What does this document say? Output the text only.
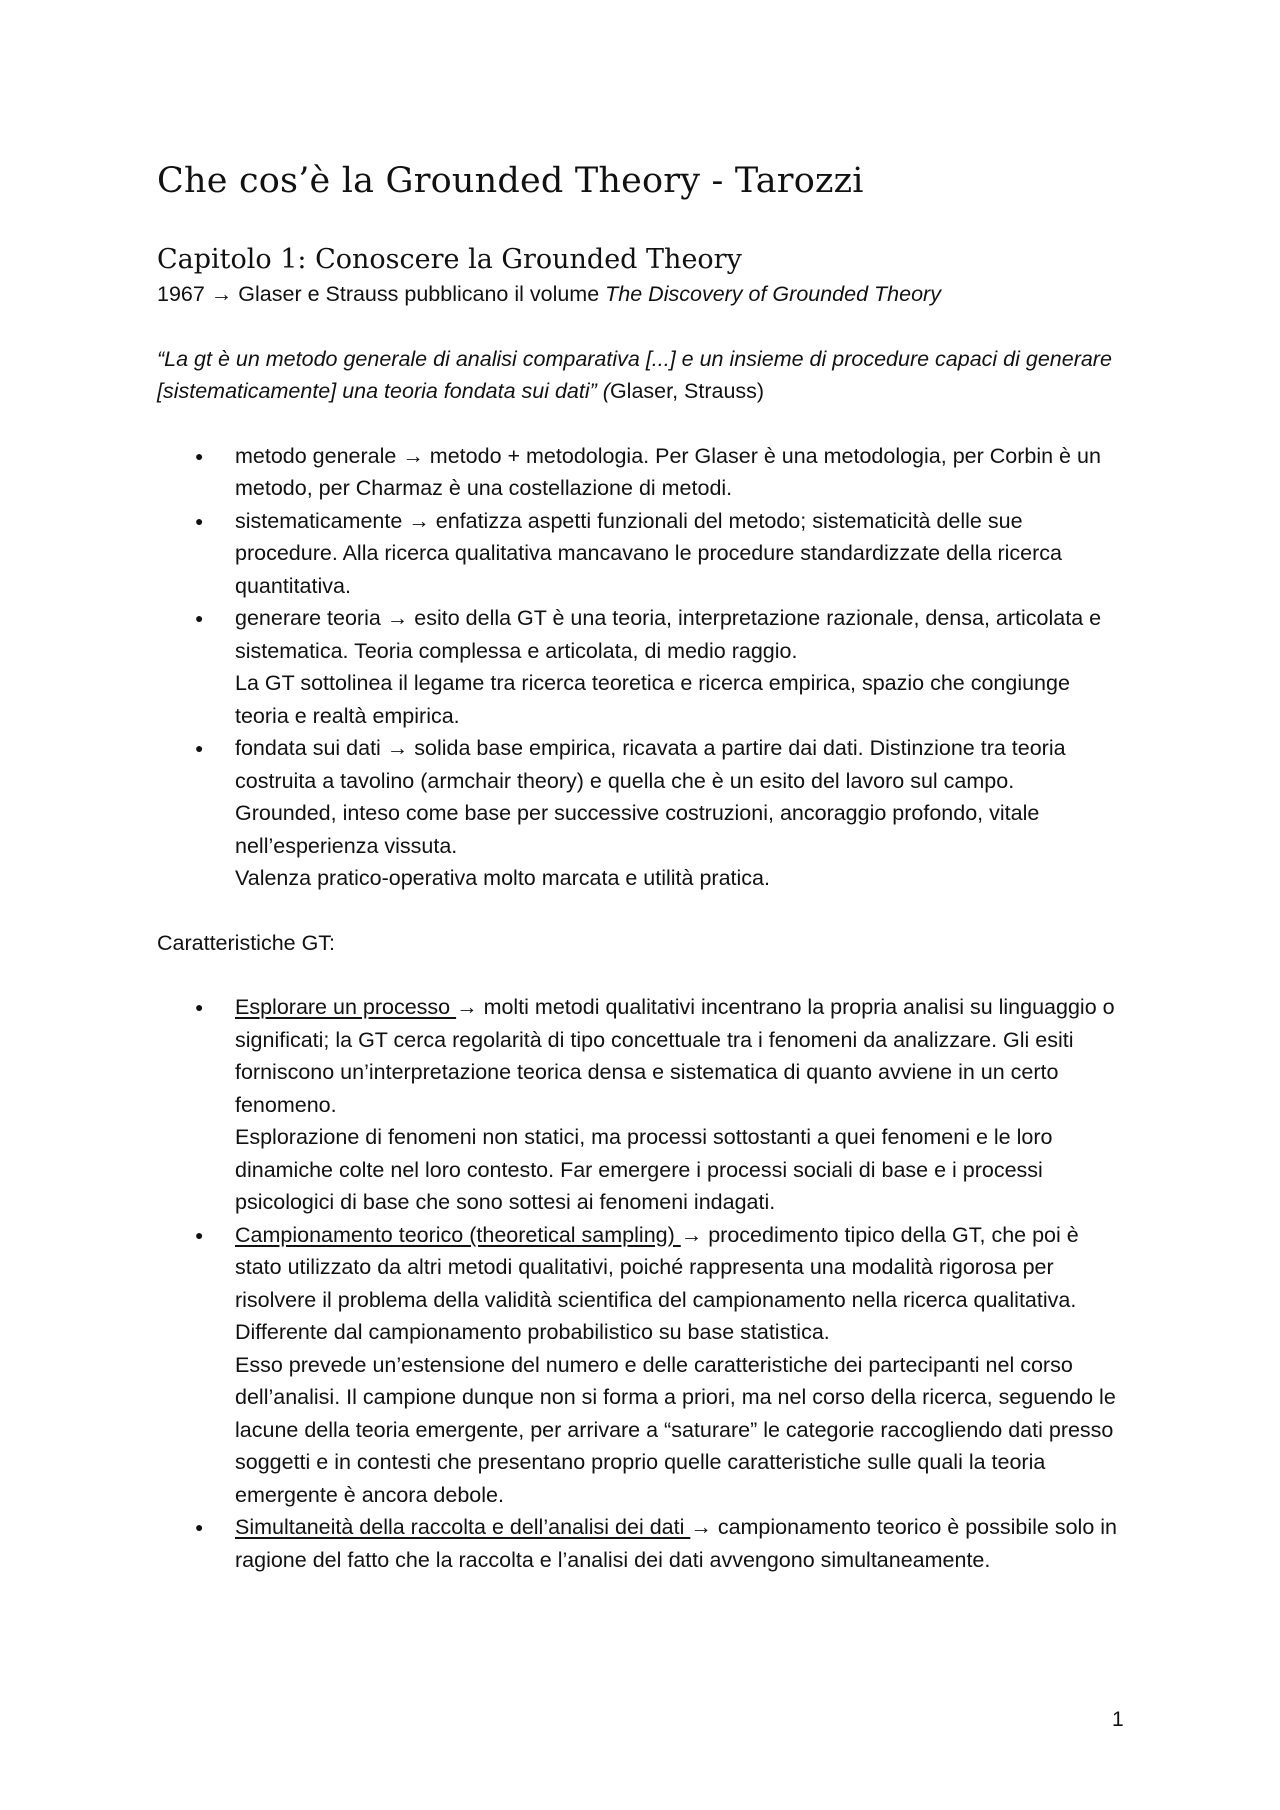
Che cos’è la Grounded Theory - Tarozzi
Capitolo 1: Conoscere la Grounded Theory

1967 → Glaser e Strauss pubblicano il volume The Discovery of Grounded Theory

“La gt è un metodo generale di analisi comparativa [...] e un insieme di procedure capaci di generare [sistematicamente] una teoria fondata sui dati” (Glaser, Strauss)

● metodo generale → metodo + metodologia. Per Glaser è una metodologia, per Corbin è un metodo, per Charmaz è una costellazione di metodi.
● sistematicamente → enfatizza aspetti funzionali del metodo; sistematicità delle sue procedure. Alla ricerca qualitativa mancavano le procedure standardizzate della ricerca quantitativa.
● generare teoria → esito della GT è una teoria, interpretazione razionale, densa, articolata e sistematica. Teoria complessa e articolata, di medio raggio.
La GT sottolinea il legame tra ricerca teoretica e ricerca empirica, spazio che congiunge teoria e realtà empirica.
● fondata sui dati → solida base empirica, ricavata a partire dai dati. Distinzione tra teoria costruita a tavolino (armchair theory) e quella che è un esito del lavoro sul campo. Grounded, inteso come base per successive costruzioni, ancoraggio profondo, vitale nell’esperienza vissuta.
Valenza pratico-operativa molto marcata e utilità pratica.

Caratteristiche GT:

● Esplorare un processo → molti metodi qualitativi incentrano la propria analisi su linguaggio o significati; la GT cerca regolarità di tipo concettuale tra i fenomeni da analizzare. Gli esiti forniscono un’interpretazione teorica densa e sistematica di quanto avviene in un certo fenomeno.
Esplorazione di fenomeni non statici, ma processi sottostanti a quei fenomeni e le loro dinamiche colte nel loro contesto. Far emergere i processi sociali di base e i processi psicologici di base che sono sottesi ai fenomeni indagati.
● Campionamento teorico (theoretical sampling) → procedimento tipico della GT, che poi è stato utilizzato da altri metodi qualitativi, poiché rappresenta una modalità rigorosa per risolvere il problema della validità scientifica del campionamento nella ricerca qualitativa.
Differente dal campionamento probabilistico su base statistica.
Esso prevede un’estensione del numero e delle caratteristiche dei partecipanti nel corso dell’analisi. Il campione dunque non si forma a priori, ma nel corso della ricerca, seguendo le lacune della teoria emergente, per arrivare a “saturare” le categorie raccogliendo dati presso soggetti e in contesti che presentano proprio quelle caratteristiche sulle quali la teoria emergente è ancora debole.
● Simultaneità della raccolta e dell’analisi dei dati → campionamento teorico è possibile solo in ragione del fatto che la raccolta e l’analisi dei dati avvengono simultaneamente.
1
